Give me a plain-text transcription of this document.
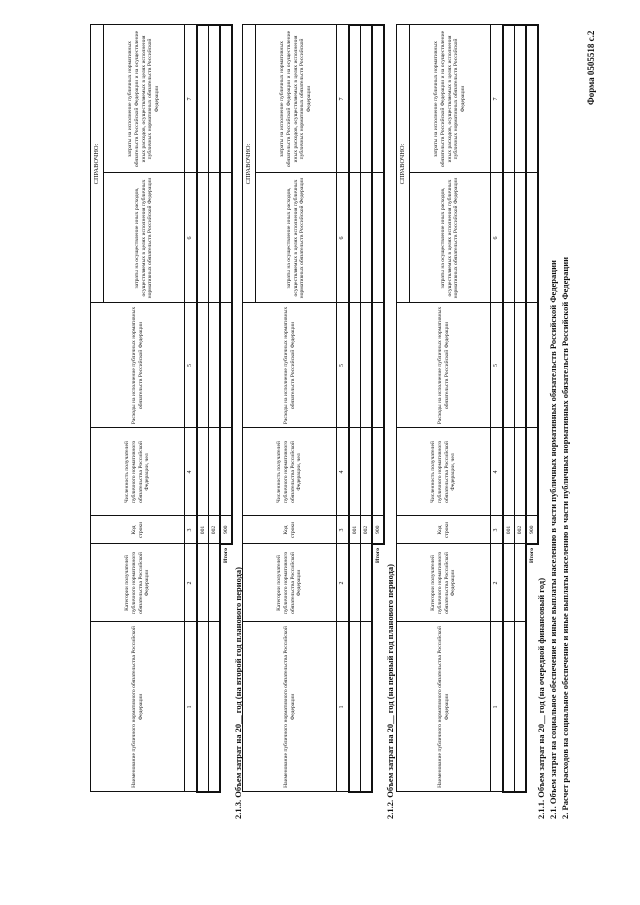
Форма 0505518 с.2
2. Расчет расходов на социальное обеспечение и иные выплаты населению в части публичных нормативных обязательств Российской Федерации
2.1. Объем затрат на социальное обеспечение и иные выплаты населению в части публичных нормативных обязательств Российской Федерации
2.1.1. Объем затрат на 20__ год (на очередной финансовый год)
Наименование публичного нормативного обязательства Российской Федерации	Категории получателей публичного нормативного обязательства Российской Федерации	Код строки	Численность получателей публичного нормативного обязательства Российской Федерации, чел	Расходы на исполнение публичных нормативных обязательств Российской Федерации	СПРАВОЧНО:	
					затраты на осуществление иных расходов, осуществляемых в целях исполнения публичных нормативных обязательств Российской Федерации	затраты на исполнение публичных нормативных обязательств Российской Федерации и на осуществление иных расходов, осуществляемых в целях исполнения публичных нормативных обязательств Российской Федерации
1	2	3	4	5	6	7
		001				
		002				
	Итого	900				
2.1.2. Объем затрат на 20__ год (на первый год планового периода)
Наименование публичного нормативного обязательства Российской Федерации	Категории получателей публичного нормативного обязательства Российской Федерации	Код строки	Численность получателей публичного нормативного обязательства Российской Федерации, чел	Расходы на исполнение публичных нормативных обязательств Российской Федерации	СПРАВОЧНО:	
					затраты на осуществление иных расходов, осуществляемых в целях исполнения публичных нормативных обязательств Российской Федерации	затраты на исполнение публичных нормативных обязательств Российской Федерации и на осуществление иных расходов, осуществляемых в целях исполнения публичных нормативных обязательств Российской Федерации
1	2	3	4	5	6	7
		001				
		002				
	Итого	900				
2.1.3. Объем затрат на 20__ год (на второй год планового периода)
Наименование публичного нормативного обязательства Российской Федерации	Категории получателей публичного нормативного обязательства Российской Федерации	Код строки	Численность получателей публичного нормативного обязательства Российской Федерации, чел	Расходы на исполнение публичных нормативных обязательств Российской Федерации	СПРАВОЧНО:	
					затраты на осуществление иных расходов, осуществляемых в целях исполнения публичных нормативных обязательств Российской Федерации	затраты на исполнение публичных нормативных обязательств Российской Федерации и на осуществление иных расходов, осуществляемых в целях исполнения публичных нормативных обязательств Российской Федерации
1	2	3	4	5	6	7
		001				
		002				
	Итого	900				
